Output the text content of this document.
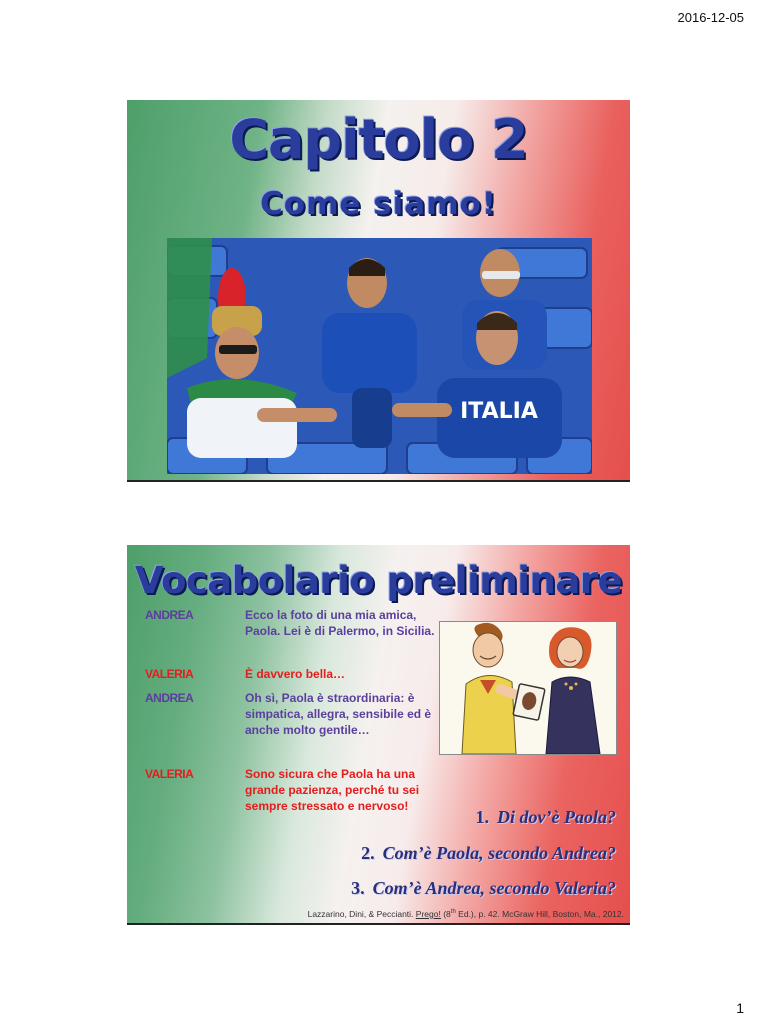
2016-12-05
Capitolo 2
Come siamo!
ITALIA
Vocabolario preliminare
ANDREA	Ecco la foto di una mia amica, Paola. Lei è di Palermo, in Sicilia.
VALERIA	È davvero bella…
ANDREA	Oh sì, Paola è straordinaria: è simpatica, allegra, sensibile ed è anche molto gentile…
VALERIA	Sono sicura che Paola ha una grande pazienza, perché tu sei sempre stressato e nervoso!
1. Di dov’è Paola?
2. Com’è Paola, secondo Andrea?
3. Com’è Andrea, secondo Valeria?
Lazzarino, Dini, & Peccianti. Prego! (8th Ed.), p. 42. McGraw Hill, Boston, Ma., 2012.
1
